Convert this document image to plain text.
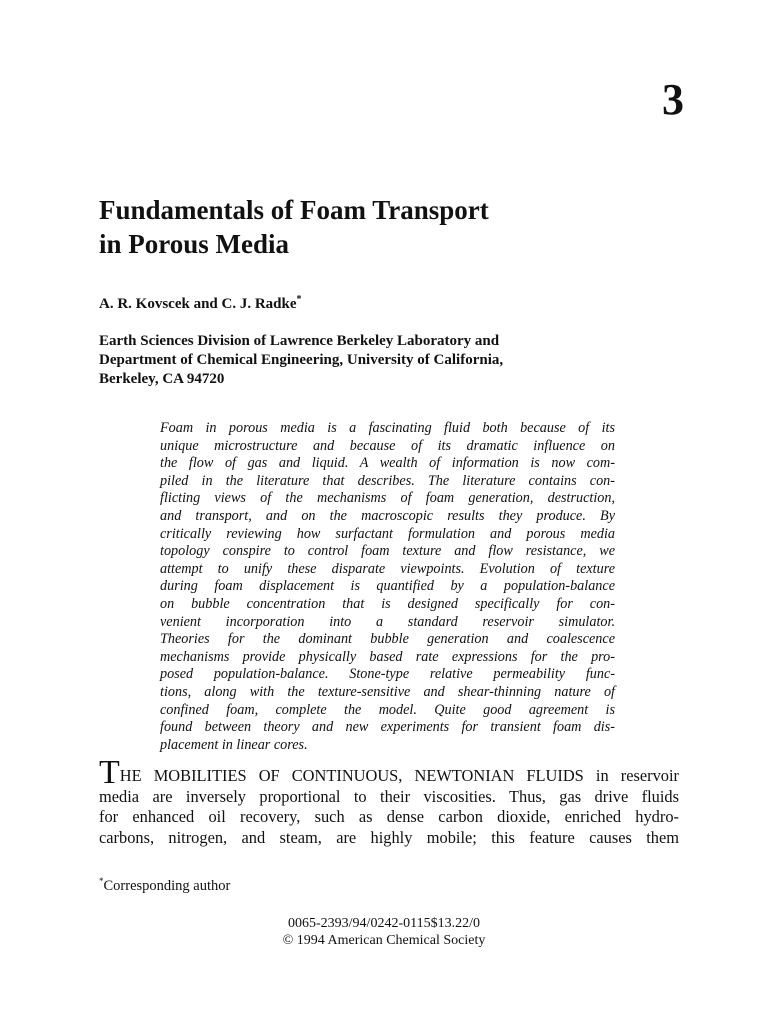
3
Fundamentals of Foam Transport
in Porous Media
A. R. Kovscek and C. J. Radke*
Earth Sciences Division of Lawrence Berkeley Laboratory and
Department of Chemical Engineering, University of California,
Berkeley, CA 94720
Foam in porous media is a fascinating fluid both because of its
unique microstructure and because of its dramatic influence on
the flow of gas and liquid. A wealth of information is now com-
piled in the literature that describes. The literature contains con-
flicting views of the mechanisms of foam generation, destruction,
and transport, and on the macroscopic results they produce. By
critically reviewing how surfactant formulation and porous media
topology conspire to control foam texture and flow resistance, we
attempt to unify these disparate viewpoints. Evolution of texture
during foam displacement is quantified by a population-balance
on bubble concentration that is designed specifically for con-
venient incorporation into a standard reservoir simulator.
Theories for the dominant bubble generation and coalescence
mechanisms provide physically based rate expressions for the pro-
posed population-balance. Stone-type relative permeability func-
tions, along with the texture-sensitive and shear-thinning nature of
confined foam, complete the model. Quite good agreement is
found between theory and new experiments for transient foam dis-
placement in linear cores.
THE MOBILITIES OF CONTINUOUS, NEWTONIAN FLUIDS in reservoir
media are inversely proportional to their viscosities. Thus, gas drive fluids
for enhanced oil recovery, such as dense carbon dioxide, enriched hydro-
carbons, nitrogen, and steam, are highly mobile; this feature causes them
*Corresponding author
0065-2393/94/0242-0115$13.22/0
© 1994 American Chemical Society
